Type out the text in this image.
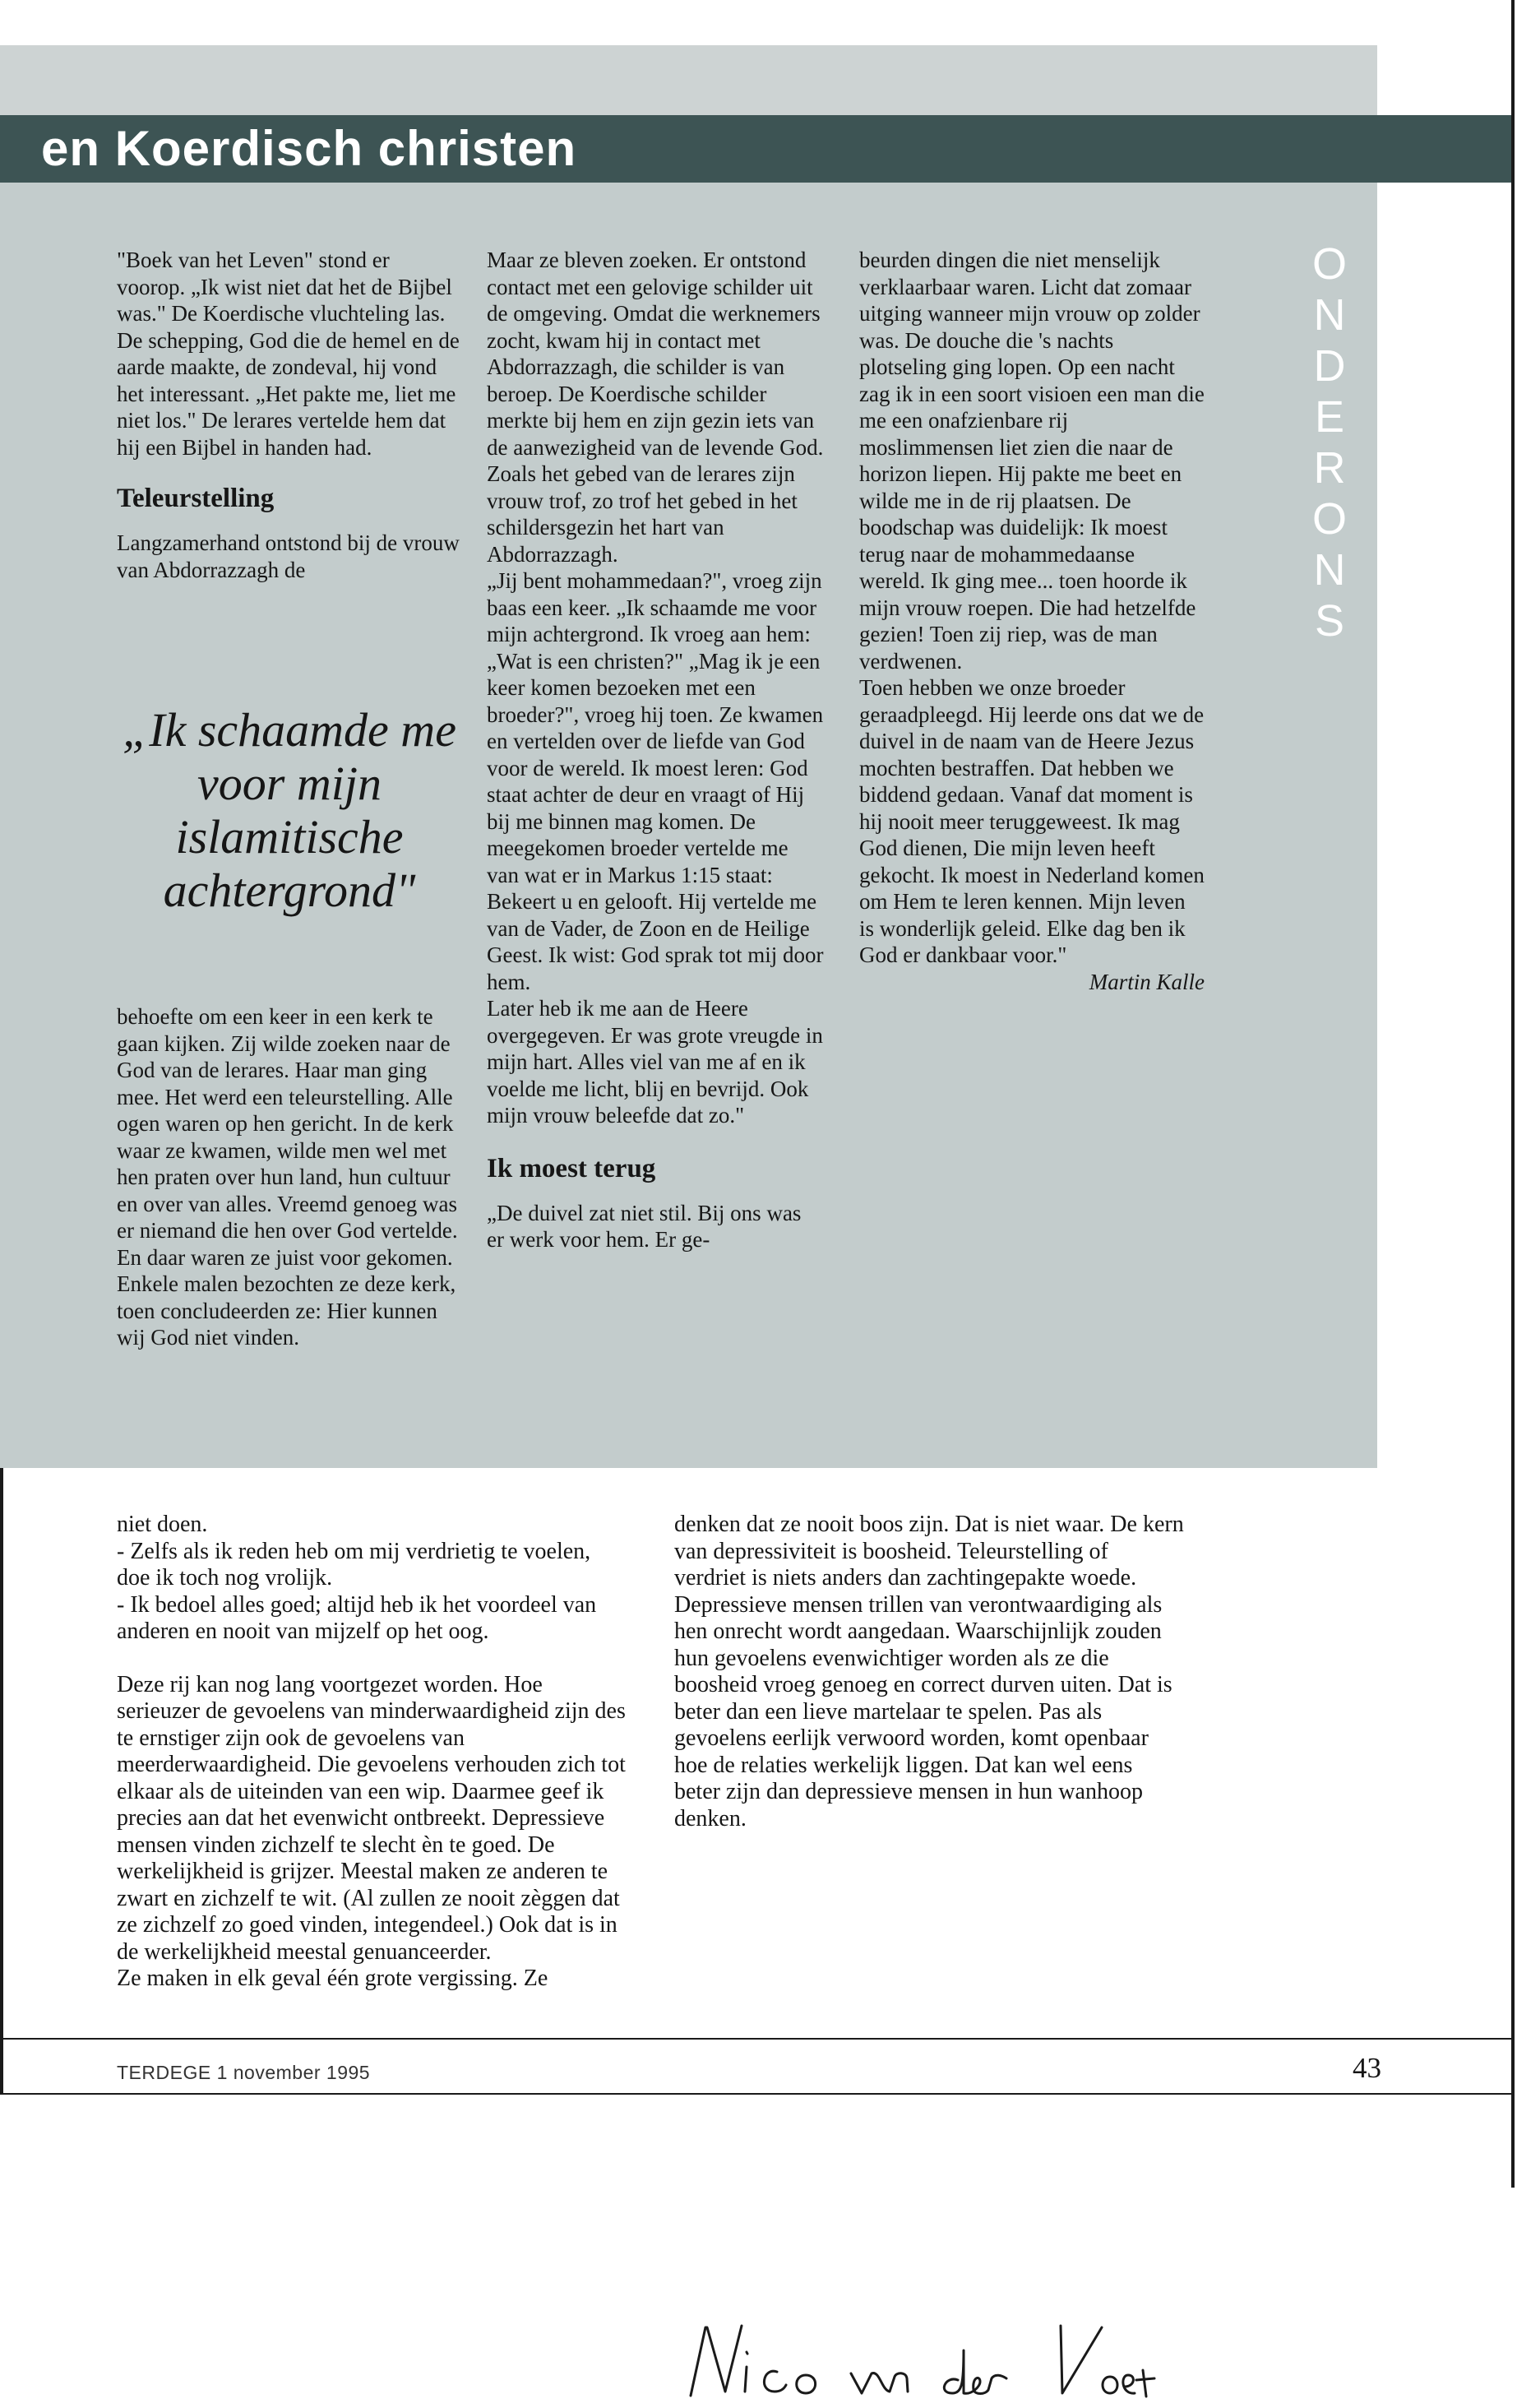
en Koerdisch christen
O
N
D
E
R
O
N
S

"Boek van het Leven" stond er voorop. „Ik wist niet dat het de Bijbel was." De Koerdische vluchteling las. De schepping, God die de hemel en de aarde maakte, de zondeval, hij vond het interessant. „Het pakte me, liet me niet los." De lerares vertelde hem dat hij een Bijbel in handen had.

Teleurstelling

Langzamerhand ontstond bij de vrouw van Abdorrazzagh de

„Ik schaamde me voor mijn islamitische achtergrond"

behoefte om een keer in een kerk te gaan kijken. Zij wilde zoeken naar de God van de lerares. Haar man ging mee. Het werd een teleurstelling. Alle ogen waren op hen gericht. In de kerk waar ze kwamen, wilde men wel met hen praten over hun land, hun cultuur en over van alles. Vreemd genoeg was er niemand die hen over God vertelde. En daar waren ze juist voor gekomen. Enkele malen bezochten ze deze kerk, toen concludeerden ze: Hier kunnen wij God niet vinden.

Maar ze bleven zoeken. Er ontstond contact met een gelovige schilder uit de omgeving. Omdat die werknemers zocht, kwam hij in contact met Abdorrazzagh, die schilder is van beroep. De Koerdische schilder merkte bij hem en zijn gezin iets van de aanwezigheid van de levende God. Zoals het gebed van de lerares zijn vrouw trof, zo trof het gebed in het schildersgezin het hart van Abdorrazzagh.

„Jij bent mohammedaan?", vroeg zijn baas een keer. „Ik schaamde me voor mijn achtergrond. Ik vroeg aan hem: „Wat is een christen?" „Mag ik je een keer komen bezoeken met een broeder?", vroeg hij toen. Ze kwamen en vertelden over de liefde van God voor de wereld. Ik moest leren: God staat achter de deur en vraagt of Hij bij me binnen mag komen. De meegekomen broeder vertelde me van wat er in Markus 1:15 staat: Bekeert u en gelooft. Hij vertelde me van de Vader, de Zoon en de Heilige Geest. Ik wist: God sprak tot mij door hem.

Later heb ik me aan de Heere overgegeven. Er was grote vreugde in mijn hart. Alles viel van me af en ik voelde me licht, blij en bevrijd. Ook mijn vrouw beleefde dat zo."

Ik moest terug

„De duivel zat niet stil. Bij ons was er werk voor hem. Er ge-

beurden dingen die niet menselijk verklaarbaar waren. Licht dat zomaar uitging wanneer mijn vrouw op zolder was. De douche die 's nachts plotseling ging lopen. Op een nacht zag ik in een soort visioen een man die me een onafzienbare rij moslimmensen liet zien die naar de horizon liepen. Hij pakte me beet en wilde me in de rij plaatsen. De boodschap was duidelijk: Ik moest terug naar de mohammedaanse wereld. Ik ging mee... toen hoorde ik mijn vrouw roepen. Die had hetzelfde gezien! Toen zij riep, was de man verdwenen.

Toen hebben we onze broeder geraadpleegd. Hij leerde ons dat we de duivel in de naam van de Heere Jezus mochten bestraffen. Dat hebben we biddend gedaan. Vanaf dat moment is hij nooit meer teruggeweest. Ik mag God dienen, Die mijn leven heeft gekocht. Ik moest in Nederland komen om Hem te leren kennen. Mijn leven is wonderlijk geleid. Elke dag ben ik God er dankbaar voor."

Martin Kalle

niet doen.

- Zelfs als ik reden heb om mij verdrietig te voelen, doe ik toch nog vrolijk.

- Ik bedoel alles goed; altijd heb ik het voordeel van anderen en nooit van mijzelf op het oog.

Deze rij kan nog lang voortgezet worden. Hoe serieuzer de gevoelens van minderwaardigheid zijn des te ernstiger zijn ook de gevoelens van meerderwaardigheid. Die gevoelens verhouden zich tot elkaar als de uiteinden van een wip. Daarmee geef ik precies aan dat het evenwicht ontbreekt. Depressieve mensen vinden zichzelf te slecht èn te goed. De werkelijkheid is grijzer. Meestal maken ze anderen te zwart en zichzelf te wit. (Al zullen ze nooit zèggen dat ze zichzelf zo goed vinden, integendeel.) Ook dat is in de werkelijkheid meestal genuanceerder.

Ze maken in elk geval één grote vergissing. Ze

denken dat ze nooit boos zijn. Dat is niet waar. De kern van depressiviteit is boosheid. Teleurstelling of verdriet is niets anders dan zachtingepakte woede. Depressieve mensen trillen van verontwaardiging als hen onrecht wordt aangedaan. Waarschijnlijk zouden hun gevoelens evenwichtiger worden als ze die boosheid vroeg genoeg en correct durven uiten. Dat is beter dan een lieve martelaar te spelen. Pas als gevoelens eerlijk verwoord worden, komt openbaar hoe de relaties werkelijk liggen. Dat kan wel eens beter zijn dan depressieve mensen in hun wanhoop denken.

TERDEGE 1 november 1995	43
